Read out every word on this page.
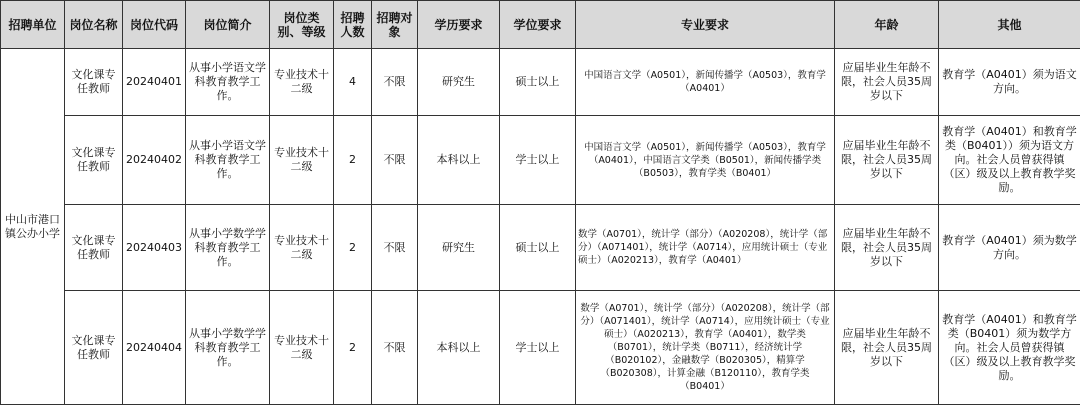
招聘单位	岗位名称	岗位代码	岗位简介	岗位类别、等级	招聘人数	招聘对象	学历要求	学位要求	专业要求	年龄	其他
中山市港口镇公办小学	文化课专任教师	20240401	从事小学语文学科教育教学工作。	专业技术十二级	4	不限	研究生	硕士以上	中国语言文学（A0501），新闻传播学（A0503），教育学（A0401）	应届毕业生年龄不限，社会人员35周岁以下	教育学（A0401）须为语文方向。
	文化课专任教师	20240402	从事小学语文学科教育教学工作。	专业技术十二级	2	不限	本科以上	学士以上	中国语言文学（A0501），新闻传播学（A0503），教育学（A0401），中国语言文学类（B0501），新闻传播学类（B0503），教育学类（B0401）	应届毕业生年龄不限，社会人员35周岁以下	教育学（A0401）和教育学类（B0401））须为语文方向。社会人员曾获得镇（区）级及以上教育教学奖励。
	文化课专任教师	20240403	从事小学数学学科教育教学工作。	专业技术十二级	2	不限	研究生	硕士以上	数学（A0701），统计学（部分）（A020208），统计学（部分）（A071401），统计学（A0714），应用统计硕士（专业硕士）（A020213），教育学（A0401）	应届毕业生年龄不限，社会人员35周岁以下	教育学（A0401）须为数学方向。
	文化课专任教师	20240404	从事小学数学学科教育教学工作。	专业技术十二级	2	不限	本科以上	学士以上	数学（A0701），统计学（部分）（A020208），统计学（部分）（A071401），统计学（A0714），应用统计硕士（专业硕士）（A020213），教育学（A0401），数学类（B0701），统计学类（B0711），经济统计学（B020102），金融数学（B020305），精算学（B020308），计算金融（B120110），教育学类（B0401）	应届毕业生年龄不限，社会人员35周岁以下	教育学（A0401）和教育学类（B0401）须为数学方向。社会人员曾获得镇（区）级及以上教育教学奖励。
